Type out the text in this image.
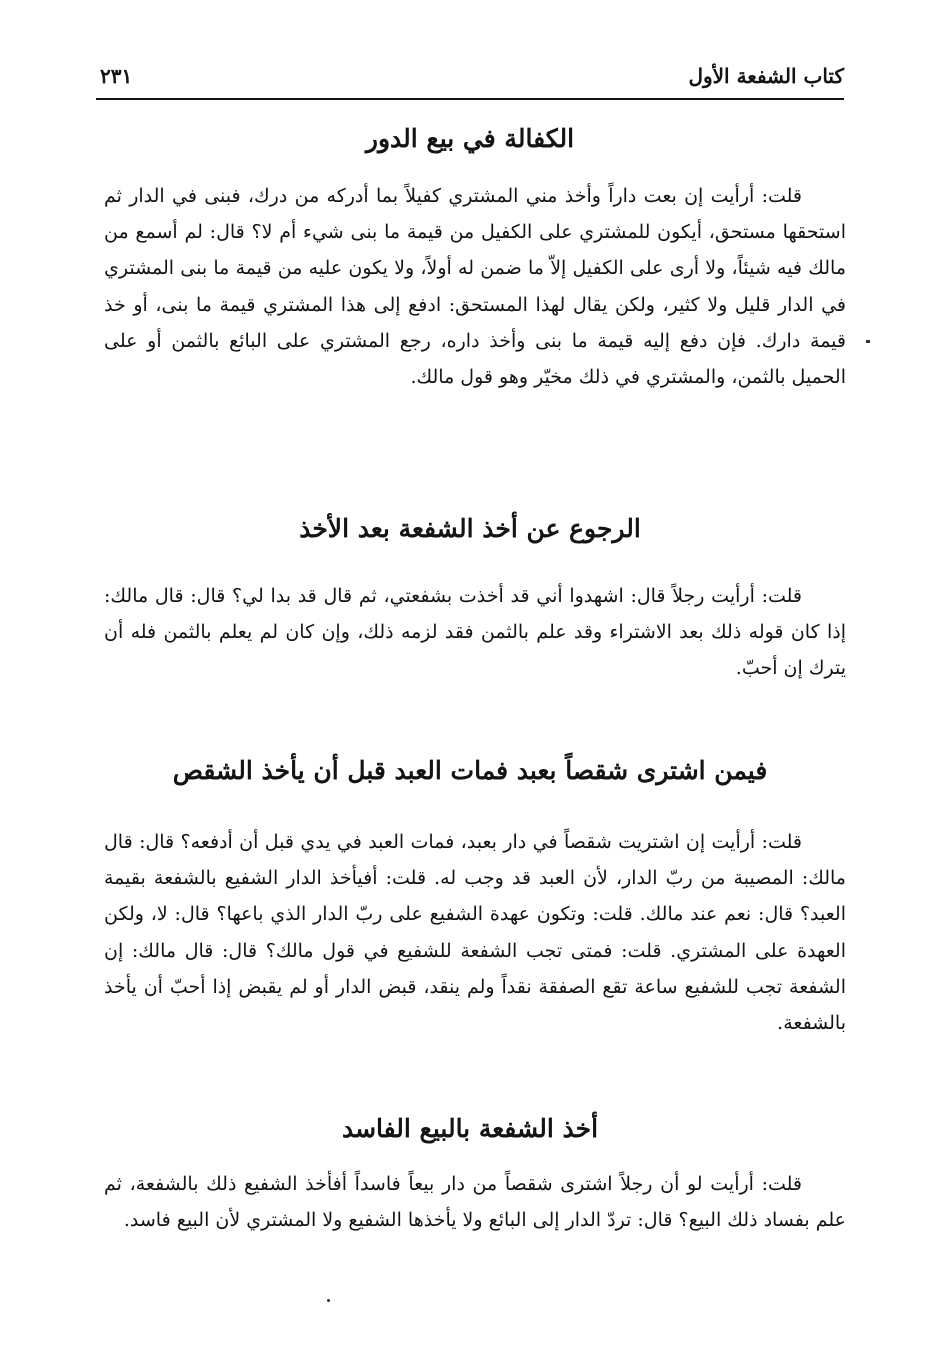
كتاب الشفعة الأول
٢٣١
الكفالة في بيع الدور

قلت: أرأيت إن بعت داراً وأخذ مني المشتري كفيلاً بما أدركه من درك، فبنى في الدار ثم استحقها مستحق، أيكون للمشتري على الكفيل من قيمة ما بنى شيء أم لا؟ قال: لم أسمع من مالك فيه شيئاً، ولا أرى على الكفيل إلاّ ما ضمن له أولاً، ولا يكون عليه من قيمة ما بنى المشتري في الدار قليل ولا كثير، ولكن يقال لهذا المستحق: ادفع إلى هذا المشتري قيمة ما بنى، أو خذ قيمة دارك. فإن دفع إليه قيمة ما بنى وأخذ داره، رجع المشتري على البائع بالثمن أو على الحميل بالثمن، والمشتري في ذلك مخيّر وهو قول مالك.

الرجوع عن أخذ الشفعة بعد الأخذ

قلت: أرأيت رجلاً قال: اشهدوا أني قد أخذت بشفعتي، ثم قال قد بدا لي؟ قال: قال مالك: إذا كان قوله ذلك بعد الاشتراء وقد علم بالثمن فقد لزمه ذلك، وإن كان لم يعلم بالثمن فله أن يترك إن أحبّ.

فيمن اشترى شقصاً بعبد فمات العبد قبل أن يأخذ الشقص

قلت: أرأيت إن اشتريت شقصاً في دار بعبد، فمات العبد في يدي قبل أن أدفعه؟ قال: قال مالك: المصيبة من ربّ الدار، لأن العبد قد وجب له. قلت: أفيأخذ الدار الشفيع بالشفعة بقيمة العبد؟ قال: نعم عند مالك. قلت: وتكون عهدة الشفيع على ربّ الدار الذي باعها؟ قال: لا، ولكن العهدة على المشتري. قلت: فمتى تجب الشفعة للشفيع في قول مالك؟ قال: قال مالك: إن الشفعة تجب للشفيع ساعة تقع الصفقة نقداً ولم ينقد، قبض الدار أو لم يقبض إذا أحبّ أن يأخذ بالشفعة.

أخذ الشفعة بالبيع الفاسد

قلت: أرأيت لو أن رجلاً اشترى شقصاً من دار بيعاً فاسداً أفأخذ الشفيع ذلك بالشفعة، ثم علم بفساد ذلك البيع؟ قال: تردّ الدار إلى البائع ولا يأخذها الشفيع ولا المشتري لأن البيع فاسد.
